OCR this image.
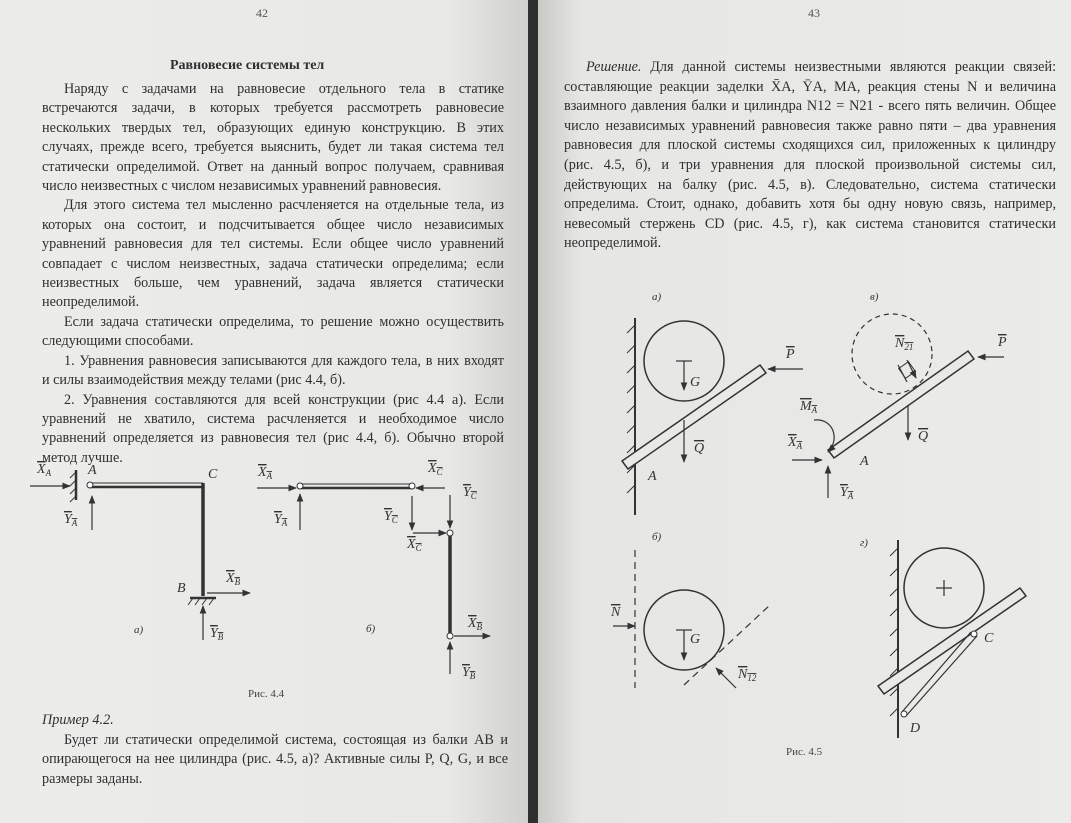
42
Равновесие системы тел

Наряду с задачами на равновесие отдельного тела в статике встречаются задачи, в которых требуется рассмотреть равновесие нескольких твердых тел, образующих единую конструкцию. В этих случаях, прежде всего, требуется выяснить, будет ли такая система тел статически определимой. Ответ на данный вопрос получаем, сравнивая число неизвестных с числом независимых уравнений равновесия.

Для этого система тел мысленно расчленяется на отдельные тела, из которых она состоит, и подсчитывается общее число независимых уравнений равновесия для тел системы. Если общее число уравнений совпадает с числом неизвестных, задача статически определима; если неизвестных больше, чем уравнений, задача является статически неопределимой.

Если задача статически определима, то решение можно осуществить следующими способами.

1. Уравнения равновесия записываются для каждого тела, в них входят и силы взаимодействия между телами (рис 4.4, б).

2. Уравнения составляются для всей конструкции (рис 4.4 а). Если уравнений не хватило, система расчленяется и необходимое число уравнений определяется из равновесия тел (рис 4.4, б). Обычно второй метод лучше.

$X_A$	A	C
$Y_A$
B
$X_B$
$Y_B$
а)
$X_A$	$X_C$
$Y_A$	$Y_C$
$Y_C$
$X_C$
$X_B$
$Y_B$
б)
Рис. 4.4
Пример 4.2.

Будет ли статически определимой система, состоящая из балки AB и опирающегося на нее цилиндра (рис. 4.5, а)? Активные силы P, Q, G, и все размеры заданы.

43

Решение. Для данной системы неизвестными являются реакции связей: составляющие реакции заделки X̄A, ȲA, MA, реакция стены N и величина взаимного давления балки и цилиндра N12 = N21 - всего пять величин. Общее число независимых уравнений равновесия также равно пяти – два уравнения равновесия для плоской системы сходящихся сил, приложенных к цилиндру (рис. 4.5, б), и три уравнения для плоской произвольной системы сил, действующих на балку (рис. 4.5, в). Следовательно, система статически определима. Стоит, однако, добавить хотя бы одну новую связь, например, невесомый стержень CD (рис. 4.5, г), как система становится статически неопределимой.

а)
G
Q
P
A
в)
$N_{21}$
Q
P
$M_A$
$X_A$
$Y_A$
A
б)
G
N
$N_{12}$
г)
C
D
Рис. 4.5
